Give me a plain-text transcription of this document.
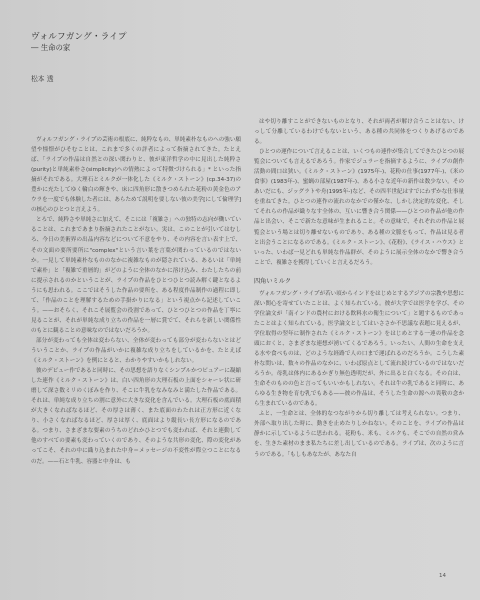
ヴォルフガング・ライプ
― 生命の家
松本 透

ヴォルフガング・ライプの芸術の根底に、純粋なもの、単純素朴なものへの強い願望や憧憬がひそむことは、これまで多くの評者によって指摘されてきた。たとえば、「ライプの作品は自然との深い関わりと、彼が東洋哲学の中に見出した純粋さ(purity)と単純素朴さ(simplicity)への情熱によって特徴づけられる」* といった指摘がそれである。大理石とミルクが一体化した《ミルク・ストーン》(cp.34-37)の豊かに充たしてゆく輪白の輝きや、床に四角形に散きつめられた花粉の黄金色のアウラを一度でも体験した者には、あらためて説明を要しない彼の美学[にして倫理学]の核心のひとつと言えよう。

とろで、純粋さや単純さに加えて、そこには「複雑さ」への独特の志向が働いていることは、これまであまり指摘されたことがない。実は、このことが引いてはむしろ、今日の美術界の出品内容などについて不意をやり、その内容を言い表す上で、その文面の要所要所に"complex"という言い葉を言葉が関わっているのではないか。一見して単純素朴なもののなかに複雑なものが隠されている、あるいは「単純で素朴」と「複雑で重層的」がどのように全体のなかに溶け込み、わたしたちの前に提示されるのかということが、ライプの作品をひとつひとつ読み解く鍵となるようにも思われる。ここではそうした作品の要所を、ある程度作品制作の過程に即して、「作品のことを理解するための手掛かりになる」という視点から記述していこう。——おそらく、それこそ展覧会の役割であって、ひとつひとつの作品を丁寧に見ることが、それが単純な成り立ちの作品を一層に賞でて、それらを新しい関係性のもとに観ることの意味なのではないだろうか。

部分が変わっても全体は変わらない、全体が変わっても部分が変わらないとはどういうことか、ライプの作品がいかに複雑な成り立ちをしているかを、たとえば《ミルク・ストーン》を例にとると、わかりやすいかもしれない。

彼のデビュー作であると同時に、その思想を語りなくシンプルかつピュアーに凝縮した連作《ミルク・ストーン》は、白い四角形の大理石板の上面をシャーレ状に研磨して深さ数ミリのくぼみを作り、そこに牛乳をなみなみと満たした作品である。それは、単純な成り立ちの割に意外に大きな変化を含んでいる。大理石板の底面積が大きくなればなるほど、その厚さは薄く、また底面のわたれは正方形に近くなり、小さくなればなるほど、厚さは厚く、底面はより縦長い長方形になるのである。つまり、さまざまな要素のうちのどれかひとつでも変われば、それと連動して他のすべての要素も変わっていくのであり、そのような共形の変化、際の変化があってこそ、それの中に織り込まれた中身＝メッセージの不変性が際立つことになるのだ。——石と牛乳、容器と中身は、も

はや切り離すことができないものとなり、それが両者が解け合うことはない、けっして分離しているわけでもないという、ある種の共同体をつくりあげるのである。

ひとつの運作について言えることは、いくつもの連作が集合してできたひとつの展覧会についても言えるであろう。作家でジュラーを指摘するように、ライプの創作活動の間口は狭い。《ミルク・ストーン》(1975年-)、花粉の仕事(1977年-)、《米の食事》(1983年-)、蜜蝋の部屋(1987年-)、ある小さな近年の新作は数少ない。そのあいだにも、ジッグラトや舟(1995年-)など、その四半世紀はすでにわずかな仕事量を重ねてきた。ひとつの連作の流れのなかでの僅かな、しかし決定的な変化、そしてそれらの作品が織りなす全体の、互いに響き合う関係——ひとつの作品が他の作品と出会い、そこで新たな意味が生まれること。その意味で、それぞれの作品と展覧会という場とは切り離せないものであり、ある種の文脈をもって、作品は見る者と出会うことになるのである。《ミルク・ストーン》、《花粉》、《ライス・ハウス》といった、いわば一見どれも単純な作品群が、そのように展示全体のなかで響き合うことで、複雑さを獲得していくと言えるだろう。

四角いミルク

ヴォルフガング・ライプが若い頃からインドをはじめとするアジアの宗教や思想に深い関心を寄せていたことは、よく知られている。彼が大学では医学を学び、その学位論文が「南インドの農村における飲料水の衛生について」と題するものであったことはよく知られている。医学論文としてはいささか不思議な表題に見えるが、学位取得の翌年に制作された《ミルク・ストーン》をはじめとする一連の作品を念頭におくと、さまざまな連想が湧いてくるであろう。いったい、人間の生命を支える水や食べものは、どのような経路で人の口まで運ばれるのだろうか。こうした素朴な問いは、数々の作品のなかに、いわば原点として流れ続けているのではないだろうか。母乳は体内にあるかぎり無色透明だが、外に出ると白くなる。その白は、生命そのものの色と言ってもいいかもしれない。それは牛の乳であると同時に、あらゆる生き物を育む乳でもある——彼の作品は、そうした生命の源への畏敬の念から生まれているのである。

ふと、一生命とは、全体的なつながりから切り離しては考えられない。つまり、外部へ取り出した時に、動きを止めたりしかねない。そのことを、ライプの作品は静かに示しているように思われる。花粉も、米も、ミルクも、そこでの自然の営みを、生きた素材のまま私たちに差し出しているのである。ライプは、次のように言うのである。「もしもあなたが、あなた自

14
